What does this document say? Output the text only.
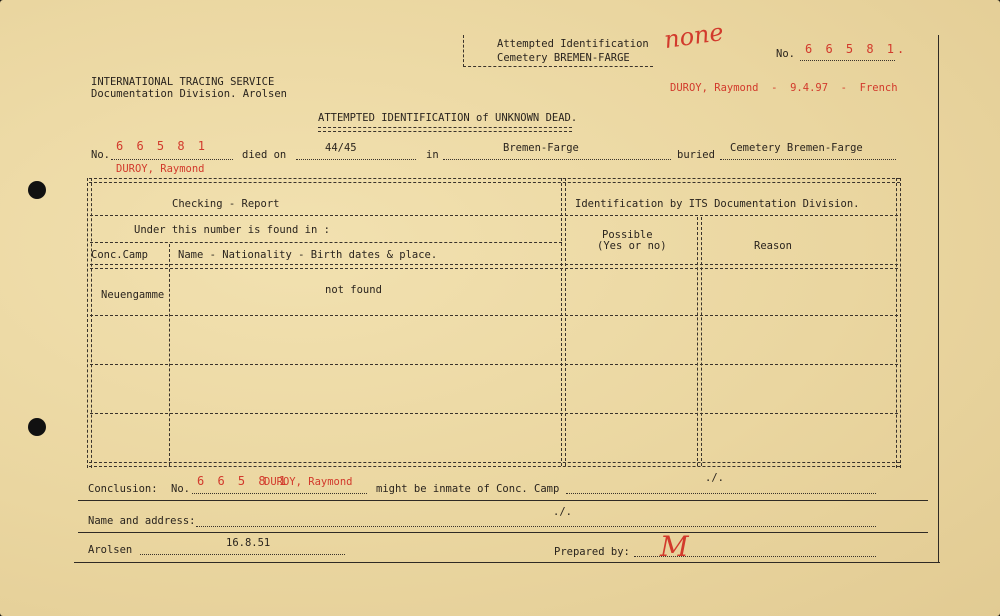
Attempted Identification
Cemetery BREMEN-FARGE
none	No. 6 6 5 8 1.
INTERNATIONAL TRACING SERVICE
Documentation Division. Arolsen	DUROY, Raymond  -  9.4.97  -  French
ATTEMPTED IDENTIFICATION of UNKNOWN DEAD.
No.
6 6 5 8 1
died on
44/45
in
Bremen-Farge
buried
Cemetery Bremen-Farge
DUROY, Raymond
Checking - Report	Identification by ITS Documentation Division.
Under this number is found in :
Conc.Camp	Name - Nationality - Birth dates & place.
Possible
(Yes or no)	Reason
Neuengamme	not found
Conclusion: No.
6 6 5 8 1
DUROY, Raymond
might be inmate of Conc. Camp
./.
Name and address:
./.
Arolsen
16.8.51
Prepared by: M
